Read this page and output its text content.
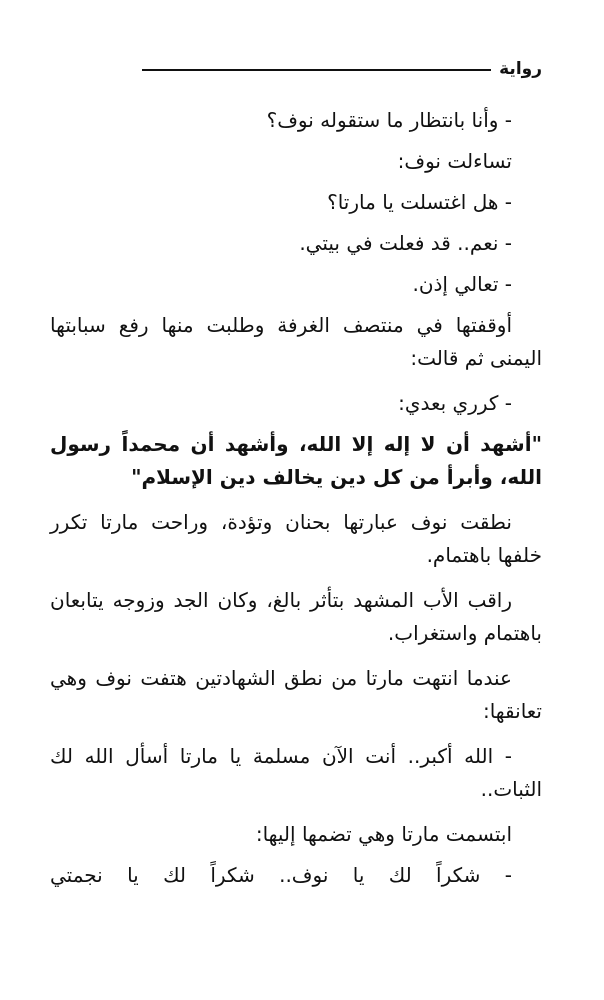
رواية

- وأنا بانتظار ما ستقوله نوف؟

تساءلت نوف:

- هل اغتسلت يا مارتا؟

- نعم.. قد فعلت في بيتي.

- تعالي إذن.

أوقفتها في منتصف الغرفة وطلبت منها رفع سبابتها اليمنى ثم قالت:

- كرري بعدي:

"أشهد أن لا إله إلا الله، وأشهد أن محمداً رسول الله، وأبرأ من كل دين يخالف دين الإسلام"

نطقت نوف عبارتها بحنان وتؤدة، وراحت مارتا تكرر خلفها باهتمام.

راقب الأب المشهد بتأثر بالغ، وكان الجد وزوجه يتابعان باهتمام واستغراب.

عندما انتهت مارتا من نطق الشهادتين هتفت نوف وهي تعانقها:

- الله أكبر.. أنت الآن مسلمة يا مارتا أسأل الله لك الثبات..

ابتسمت مارتا وهي تضمها إليها:

- شكراً لك يا نوف.. شكراً لك يا نجمتي
